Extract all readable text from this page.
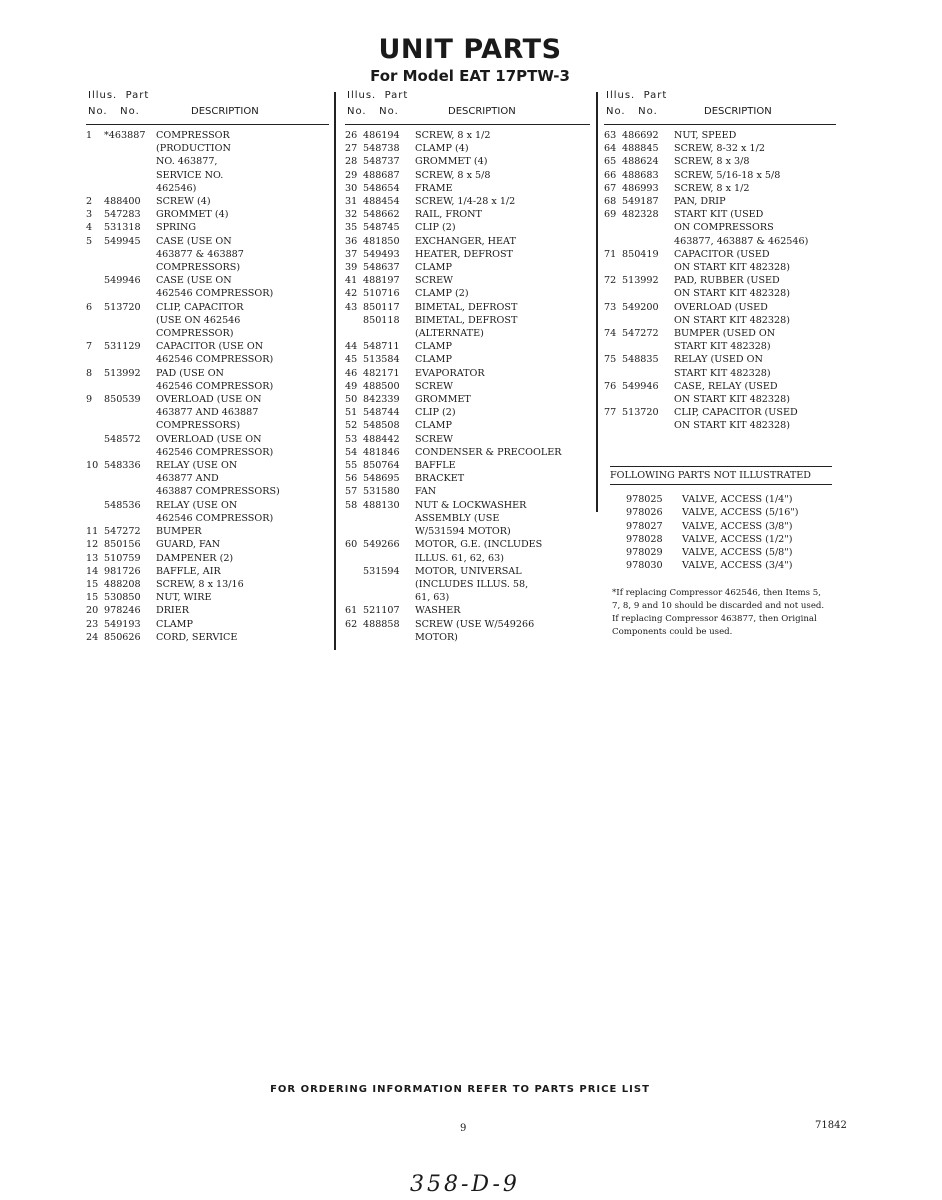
UNIT PARTS
For Model EAT 17PTW-3
Illus. Part
No. No.	DESCRIPTION
1	*463887	COMPRESSOR
(PRODUCTION
NO. 463877,
SERVICE NO.
462546)
2	488400	SCREW (4)
3	547283	GROMMET (4)
4	531318	SPRING
5	549945	CASE (USE ON
463877 & 463887
COMPRESSORS)
549946	CASE (USE ON
462546 COMPRESSOR)
6	513720	CLIP, CAPACITOR
(USE ON 462546
COMPRESSOR)
7	531129	CAPACITOR (USE ON
462546 COMPRESSOR)
8	513992	PAD (USE ON
462546 COMPRESSOR)
9	850539	OVERLOAD (USE ON
463877 AND 463887
COMPRESSORS)
548572	OVERLOAD (USE ON
462546 COMPRESSOR)
10 548336	RELAY (USE ON
463877 AND
463887 COMPRESSORS)
548536	RELAY (USE ON
462546 COMPRESSOR)
11 547272	BUMPER
12 850156	GUARD, FAN
13 510759	DAMPENER (2)
14 981726	BAFFLE, AIR
15 488208	SCREW, 8 x 13/16
15 530850	NUT, WIRE
20 978246	DRIER
23 549193	CLAMP
24 850626	CORD, SERVICE
Illus. Part
No. No.	DESCRIPTION
26 486194	SCREW, 8 x 1/2
27 548738	CLAMP (4)
28 548737	GROMMET (4)
29 488687	SCREW, 8 x 5/8
30 548654	FRAME
31 488454	SCREW, 1/4-28 x 1/2
32 548662	RAIL, FRONT
35 548745	CLIP (2)
36 481850	EXCHANGER, HEAT
37 549493	HEATER, DEFROST
39 548637	CLAMP
41 488197	SCREW
42 510716	CLAMP (2)
43 850117	BIMETAL, DEFROST
850118	BIMETAL, DEFROST
(ALTERNATE)
44 548711	CLAMP
45 513584	CLAMP
46 482171	EVAPORATOR
49 488500	SCREW
50 842339	GROMMET
51 548744	CLIP (2)
52 548508	CLAMP
53 488442	SCREW
54 481846	CONDENSER & PRECOOLER
55 850764	BAFFLE
56 548695	BRACKET
57 531580	FAN
58 488130	NUT & LOCKWASHER
ASSEMBLY (USE
W/531594 MOTOR)
60 549266	MOTOR, G.E. (INCLUDES
ILLUS. 61, 62, 63)
531594	MOTOR, UNIVERSAL
(INCLUDES ILLUS. 58,
61, 63)
61 521107	WASHER
62 488858	SCREW (USE W/549266
MOTOR)
Illus. Part
No. No.	DESCRIPTION
63 486692	NUT, SPEED
64 488845	SCREW, 8-32 x 1/2
65 488624	SCREW, 8 x 3/8
66 488683	SCREW, 5/16-18 x 5/8
67 486993	SCREW, 8 x 1/2
68 549187	PAN, DRIP
69 482328	START KIT (USED
ON COMPRESSORS
463877, 463887 & 462546)
71 850419	CAPACITOR (USED
ON START KIT 482328)
72 513992	PAD, RUBBER (USED
ON START KIT 482328)
73 549200	OVERLOAD (USED
ON START KIT 482328)
74 547272	BUMPER (USED ON
START KIT 482328)
75 548835	RELAY (USED ON
START KIT 482328)
76 549946	CASE, RELAY (USED
ON START KIT 482328)
77 513720	CLIP, CAPACITOR (USED
ON START KIT 482328)
FOLLOWING PARTS NOT ILLUSTRATED
978025	VALVE, ACCESS (1/4")
978026	VALVE, ACCESS (5/16")
978027	VALVE, ACCESS (3/8")
978028	VALVE, ACCESS (1/2")
978029	VALVE, ACCESS (5/8")
978030	VALVE, ACCESS (3/4")
*If replacing Compressor 462546, then Items 5, 7, 8, 9 and 10 should be discarded and not used. If replacing Compressor 463877, then Original Components could be used.
FOR ORDERING INFORMATION REFER TO PARTS PRICE LIST
9	71842
358-D-9
